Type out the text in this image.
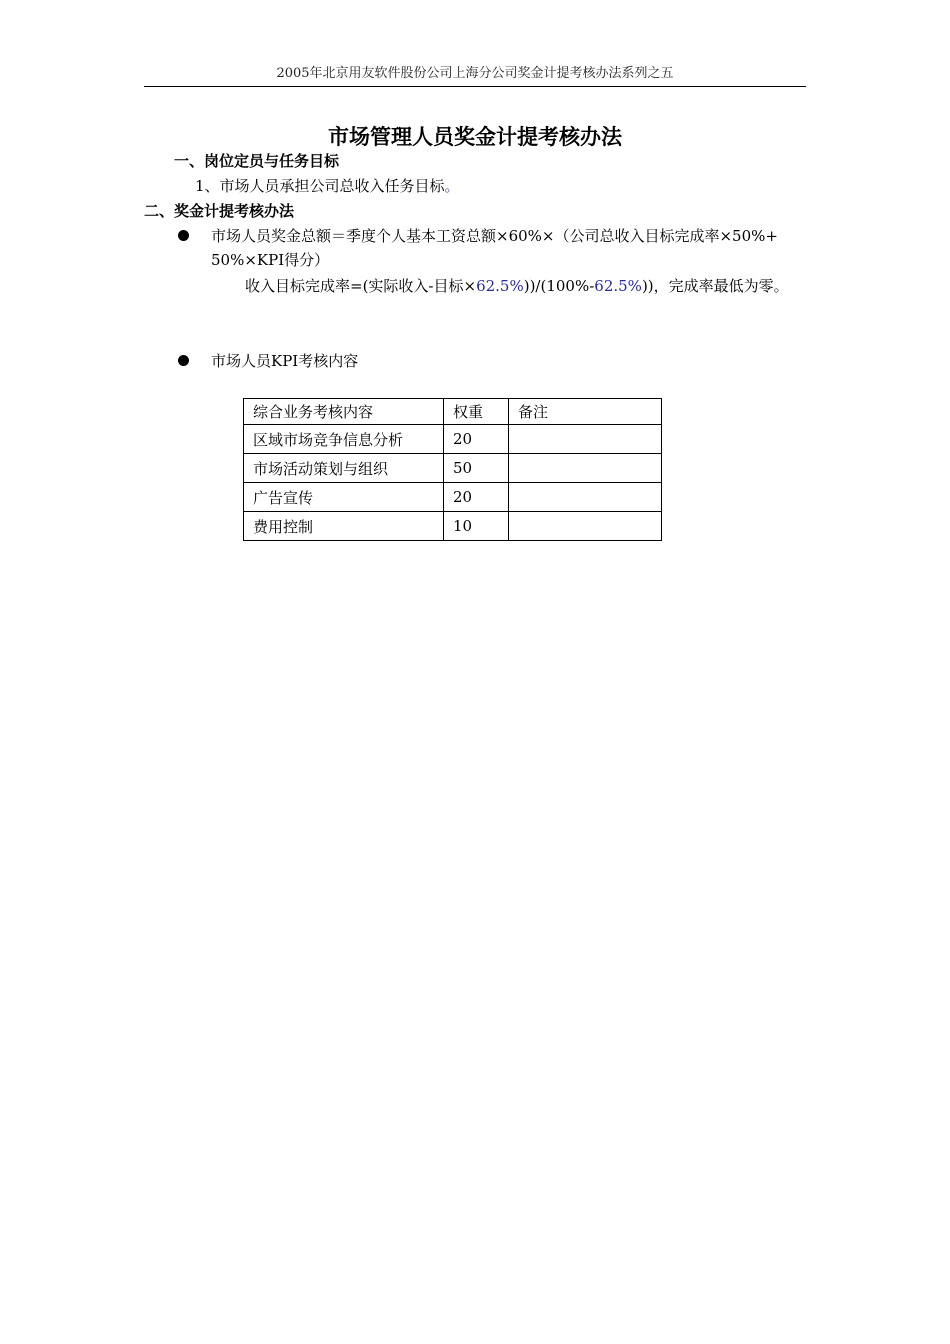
2005年北京用友软件股份公司上海分公司奖金计提考核办法系列之五
市场管理人员奖金计提考核办法
一、岗位定员与任务目标
1、市场人员承担公司总收入任务目标。
二、奖金计提考核办法
市场人员奖金总额＝季度个人基本工资总额×60%×（公司总收入目标完成率×50%+ 50%×KPI得分）
收入目标完成率=(实际收入-目标×62.5%))/(100%-62.5%))，完成率最低为零。
市场人员KPI考核内容
综合业务考核内容	权重	备注
区域市场竞争信息分析	20	
市场活动策划与组织	50	
广告宣传	20	
费用控制	10	
